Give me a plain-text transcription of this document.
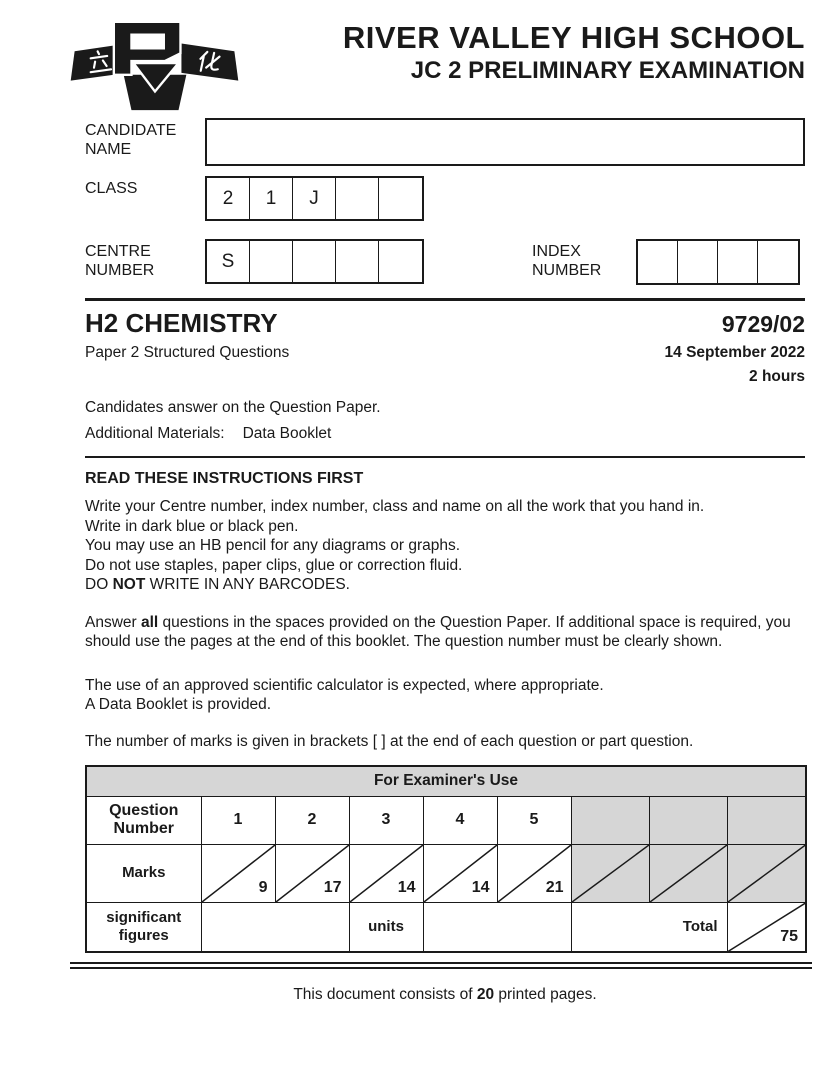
RIVER VALLEY HIGH SCHOOL
JC 2 PRELIMINARY EXAMINATION
CANDIDATE
NAME
CLASS	2	1	J
CENTRE
NUMBER	S	INDEX
NUMBER
H2 CHEMISTRY	9729/02
Paper 2 Structured Questions	14 September 2022
2 hours
Candidates answer on the Question Paper.
Additional Materials: Data Booklet
READ THESE INSTRUCTIONS FIRST
Write your Centre number, index number, class and name on all the work that you hand in.
Write in dark blue or black pen.
You may use an HB pencil for any diagrams or graphs.
Do not use staples, paper clips, glue or correction fluid.
DO NOT WRITE IN ANY BARCODES.
Answer all questions in the spaces provided on the Question Paper. If additional space is required, you should use the pages at the end of this booklet. The question number must be clearly shown.
The use of an approved scientific calculator is expected, where appropriate.
A Data Booklet is provided.
The number of marks is given in brackets [ ] at the end of each question or part question.
For Examiner's Use								

Question
Number	1	2	3	4	5			
Marks	9	17	14	14	21

significant
figures			units			Total		75
This document consists of 20 printed pages.
